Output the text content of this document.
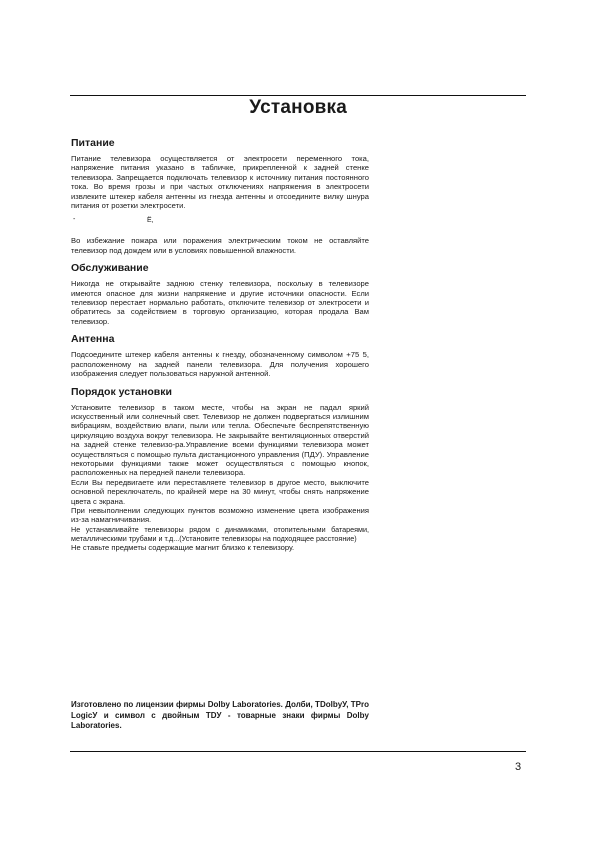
Установка
Питание

Питание телевизора осуществляется от электросети переменного тока, напряжение питания указано в табличке, прикрепленной к задней стенке телевизора. Запрещается подключать телевизор к источнику питания постоянного тока. Во время грозы и при частых отключениях напряжения в электросети извлеките штекер кабеля антенны из гнезда антенны и отсоедините вилку шнура питания от розетки электросети.

-	Ё,

Во избежание пожара или поражения электрическим током не оставляйте телевизор под дождем или в условиях повышенной влажности.

Обслуживание

Никогда не открывайте заднюю стенку телевизора, поскольку в телевизоре имеются опасное для жизни напряжение и другие источники опасности. Если телевизор перестает нормально работать, отключите телевизор от электросети и обратитесь за содействием в торговую организацию, которая продала Вам телевизор.

Антенна

Подсоедините штекер кабеля антенны к гнезду, обозначенному символом +75 5, расположенному на задней панели телевизора. Для получения хорошего изображения следует пользоваться наружной антенной.

Порядок установки

Установите телевизор в таком месте, чтобы на экран не падал яркий искусственный или солнечный свет. Телевизор не должен подвергаться излишним вибрациям, воздействию влаги, пыли или тепла. Обеспечьте беспрепятственную циркуляцию воздуха вокруг телевизора. Не закрывайте вентиляционных отверстий на задней стенке телевизо-ра.Управление всеми функциями телевизора может осуществляться с помощью пульта дистанционного управления (ПДУ). Управление некоторыми функциями также может осуществляться с помощью кнопок, расположенных на передней панели телевизора.

Если Вы передвигаете или переставляете телевизор в другое место, выключите основной переключатель, по крайней мере на 30 минут, чтобы снять напряжение цвета с экрана.

При невыполнении следующих пунктов возможно изменение цвета изображения из-за намагничивания.

Не устанавливайте телевизоры рядом с динамиками, отопительными батареями, металлическими трубами и т.д...(Установите телевизоры на подходящее расстояние)

Не ставьте предметы содержащие магнит близко к телевизору.

Изготовлено по лицензии фирмы Dolby Laboratories. Долби, TDolbyУ, TPro LogicУ и символ с двойным TDУ - товарные знаки фирмы Dolby Laboratories.
3
